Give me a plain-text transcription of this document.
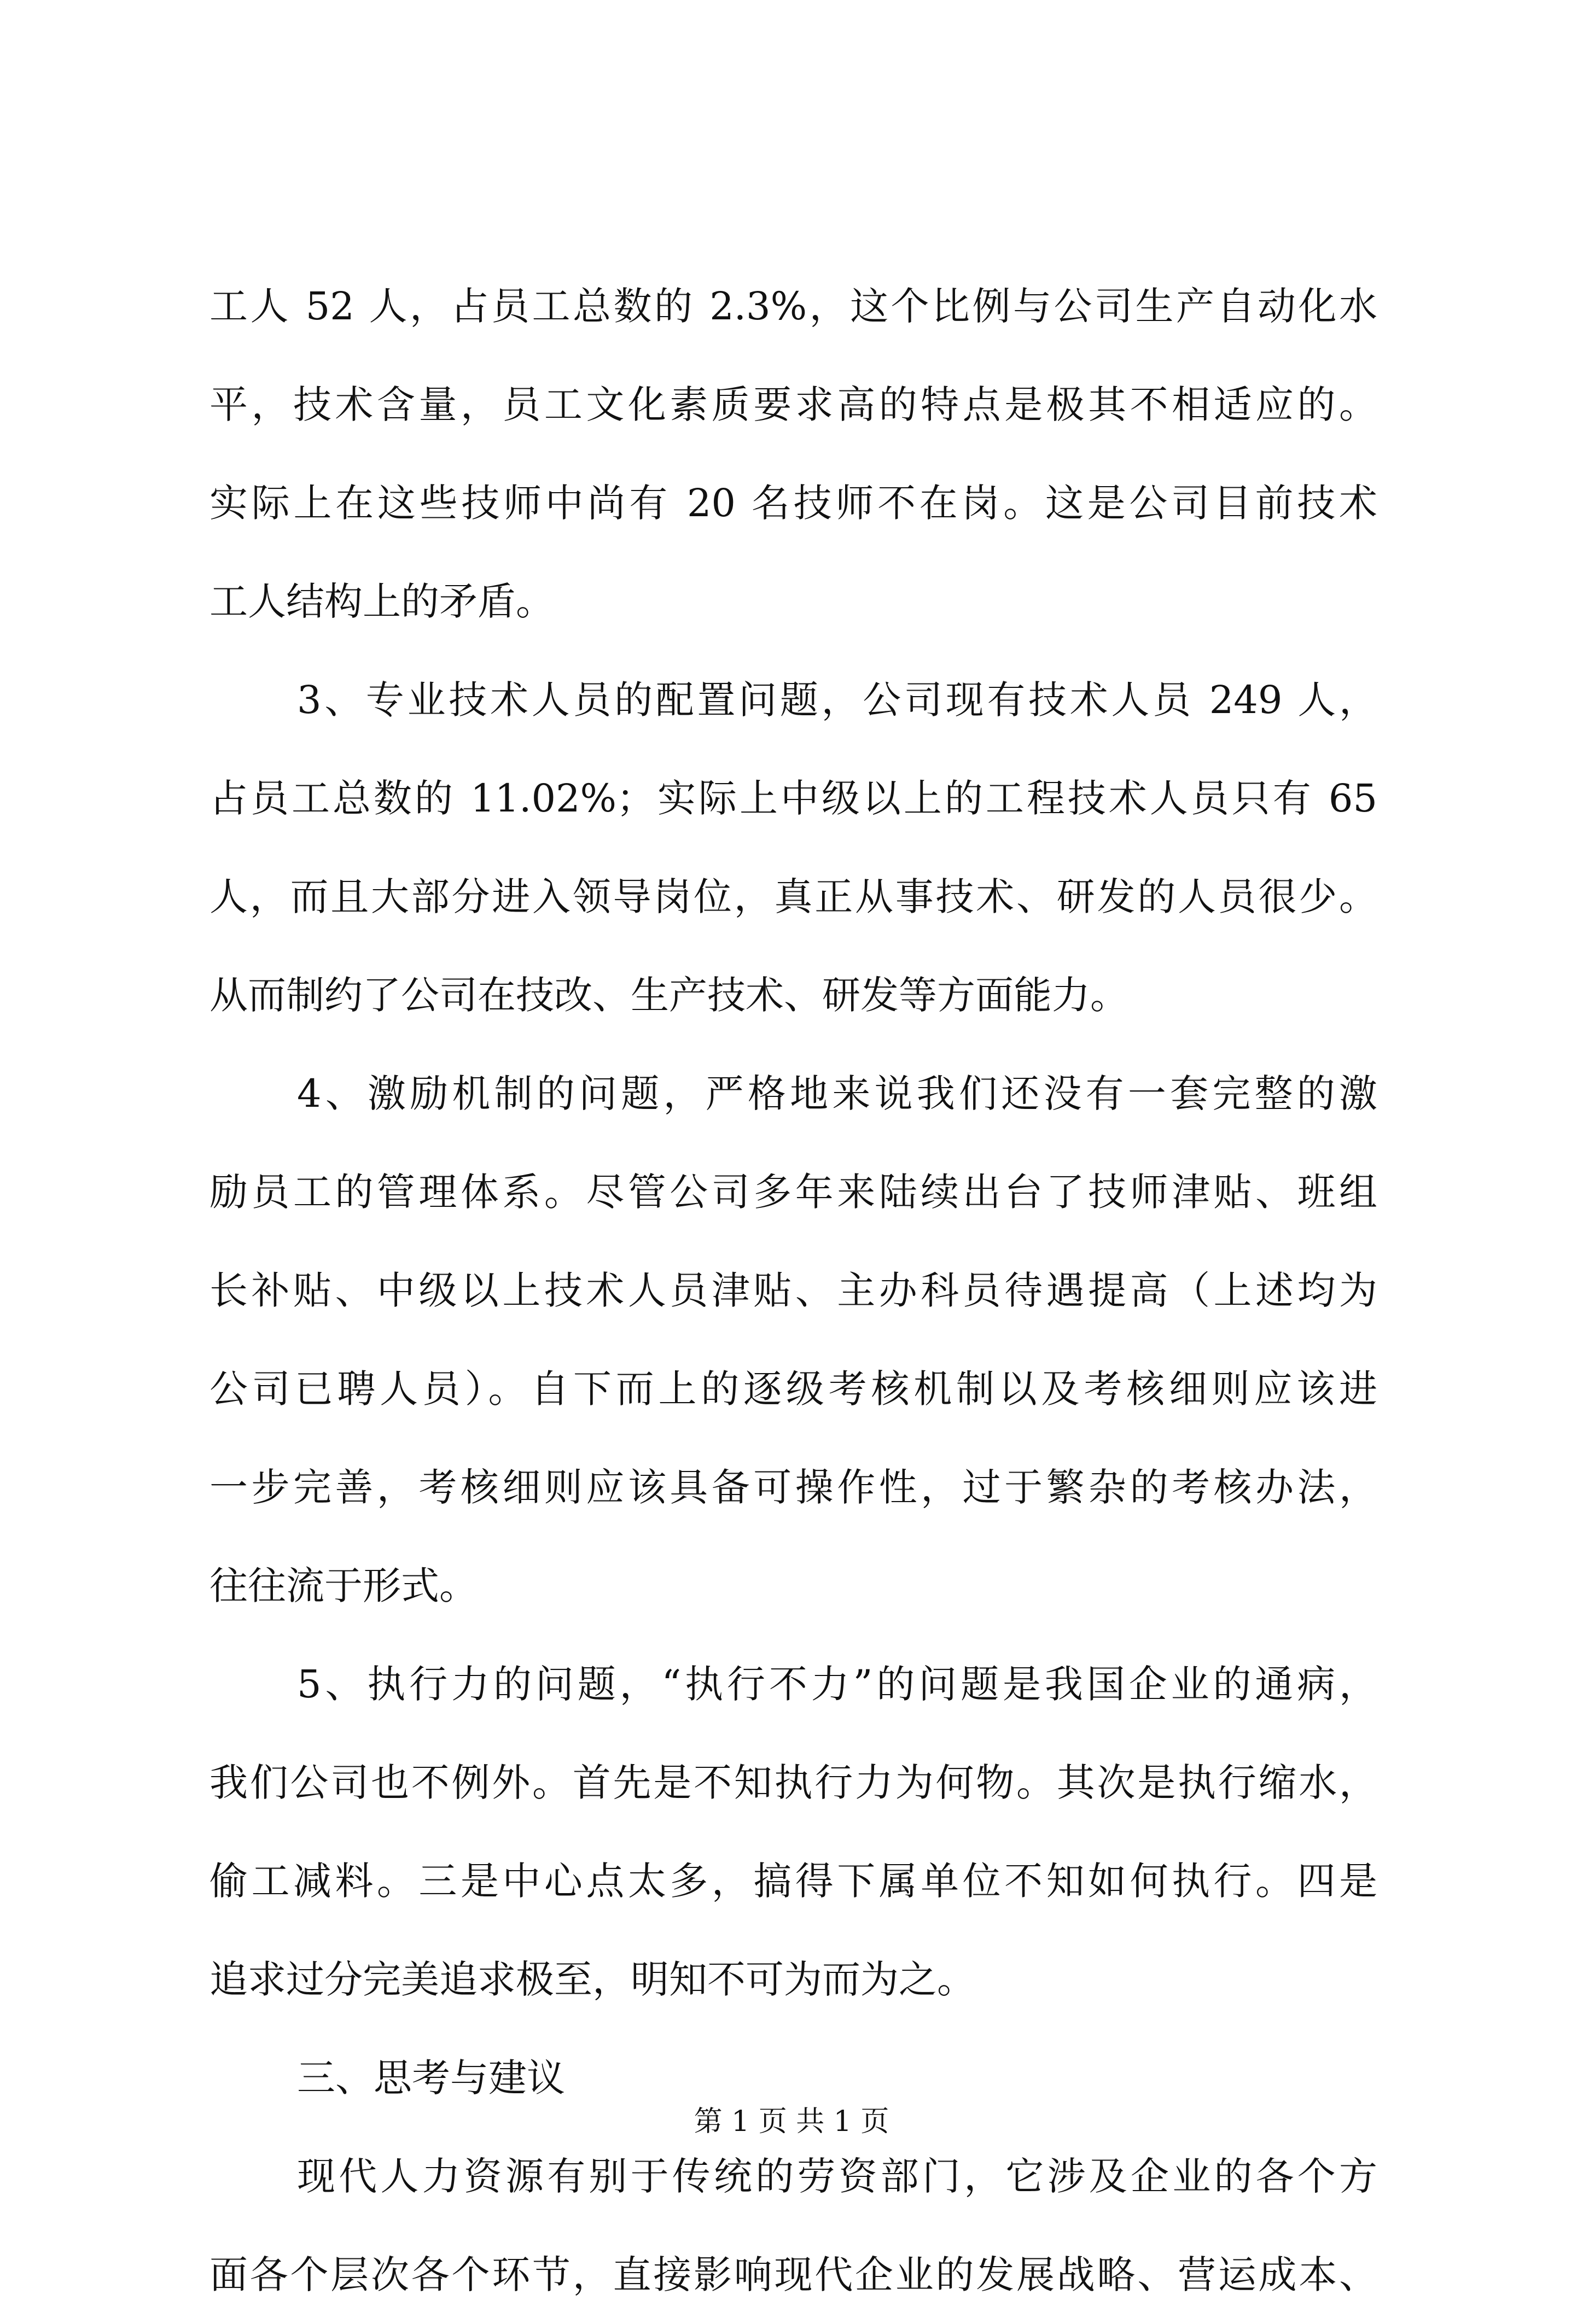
工人 52 人，占员工总数的 2.3%，这个比例与公司生产自动化水
平，技术含量，员工文化素质要求高的特点是极其不相适应的。
实际上在这些技师中尚有 20 名技师不在岗。这是公司目前技术
工人结构上的矛盾。
3、专业技术人员的配置问题，公司现有技术人员 249 人，
占员工总数的 11.02%；实际上中级以上的工程技术人员只有 65
人，而且大部分进入领导岗位，真正从事技术、研发的人员很少。
从而制约了公司在技改、生产技术、研发等方面能力。
4、激励机制的问题，严格地来说我们还没有一套完整的激
励员工的管理体系。尽管公司多年来陆续出台了技师津贴、班组
长补贴、中级以上技术人员津贴、主办科员待遇提高（上述均为
公司已聘人员）。自下而上的逐级考核机制以及考核细则应该进
一步完善，考核细则应该具备可操作性，过于繁杂的考核办法，
往往流于形式。
5、执行力的问题，“执行不力”的问题是我国企业的通病，
我们公司也不例外。首先是不知执行力为何物。其次是执行缩水，
偷工减料。三是中心点太多，搞得下属单位不知如何执行。四是
追求过分完美追求极至，明知不可为而为之。
三、思考与建议
现代人力资源有别于传统的劳资部门，它涉及企业的各个方
面各个层次各个环节，直接影响现代企业的发展战略、营运成本、
第 1 页 共 1 页
